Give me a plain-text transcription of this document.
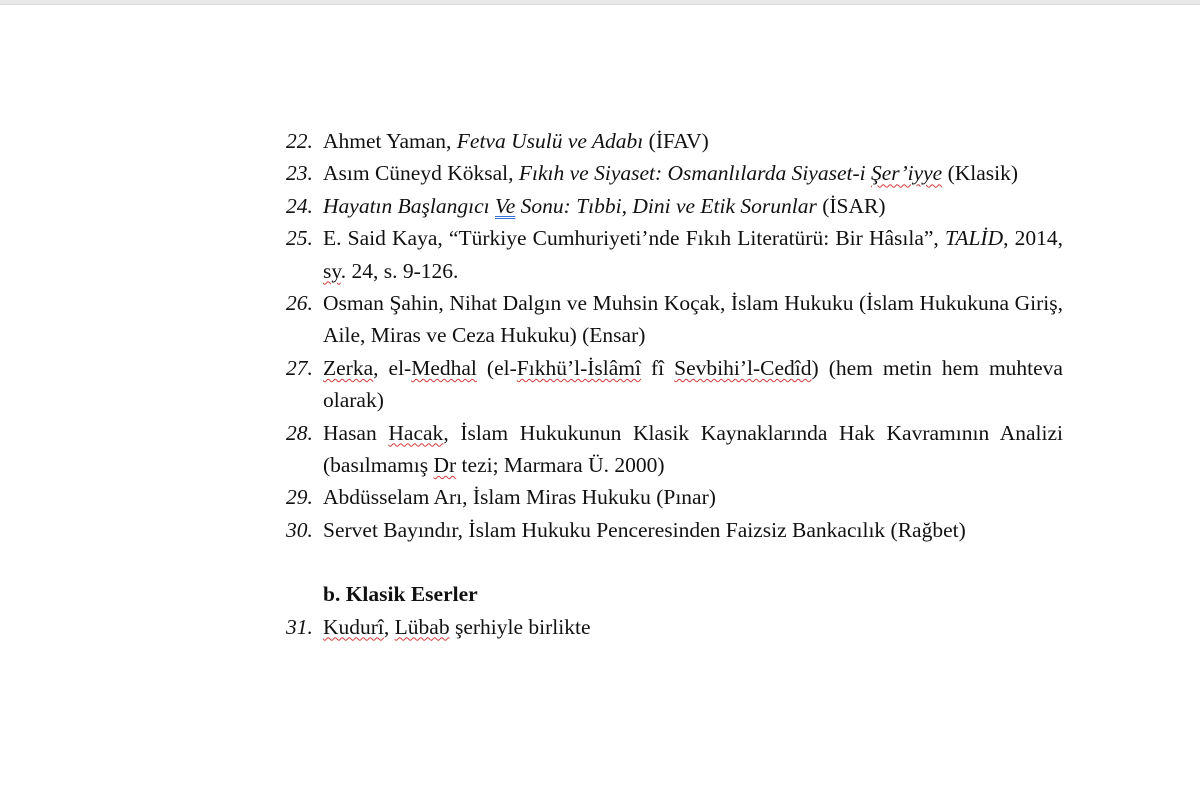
22. Ahmet Yaman, Fetva Usulü ve Adabı (İFAV)
23. Asım Cüneyd Köksal, Fıkıh ve Siyaset: Osmanlılarda Siyaset-i Şer’iyye (Klasik)
24. Hayatın Başlangıcı Ve Sonu: Tıbbi, Dini ve Etik Sorunlar (İSAR)
25. E. Said Kaya, “Türkiye Cumhuriyeti’nde Fıkıh Literatürü: Bir Hâsıla”, TALİD, 2014, sy. 24, s. 9-126.
26. Osman Şahin, Nihat Dalgın ve Muhsin Koçak, İslam Hukuku (İslam Hukukuna Giriş, Aile, Miras ve Ceza Hukuku) (Ensar)
27. Zerka, el-Medhal (el-Fıkhü’l-İslâmî fî Sevbihi’l-Cedîd) (hem metin hem muhteva olarak)
28. Hasan Hacak, İslam Hukukunun Klasik Kaynaklarında Hak Kavramının Analizi (basılmamış Dr tezi; Marmara Ü. 2000)
29. Abdüsselam Arı, İslam Miras Hukuku (Pınar)
30. Servet Bayındır, İslam Hukuku Penceresinden Faizsiz Bankacılık (Rağbet)
b. Klasik Eserler
31. Kudurî, Lübab şerhiyle birlikte
